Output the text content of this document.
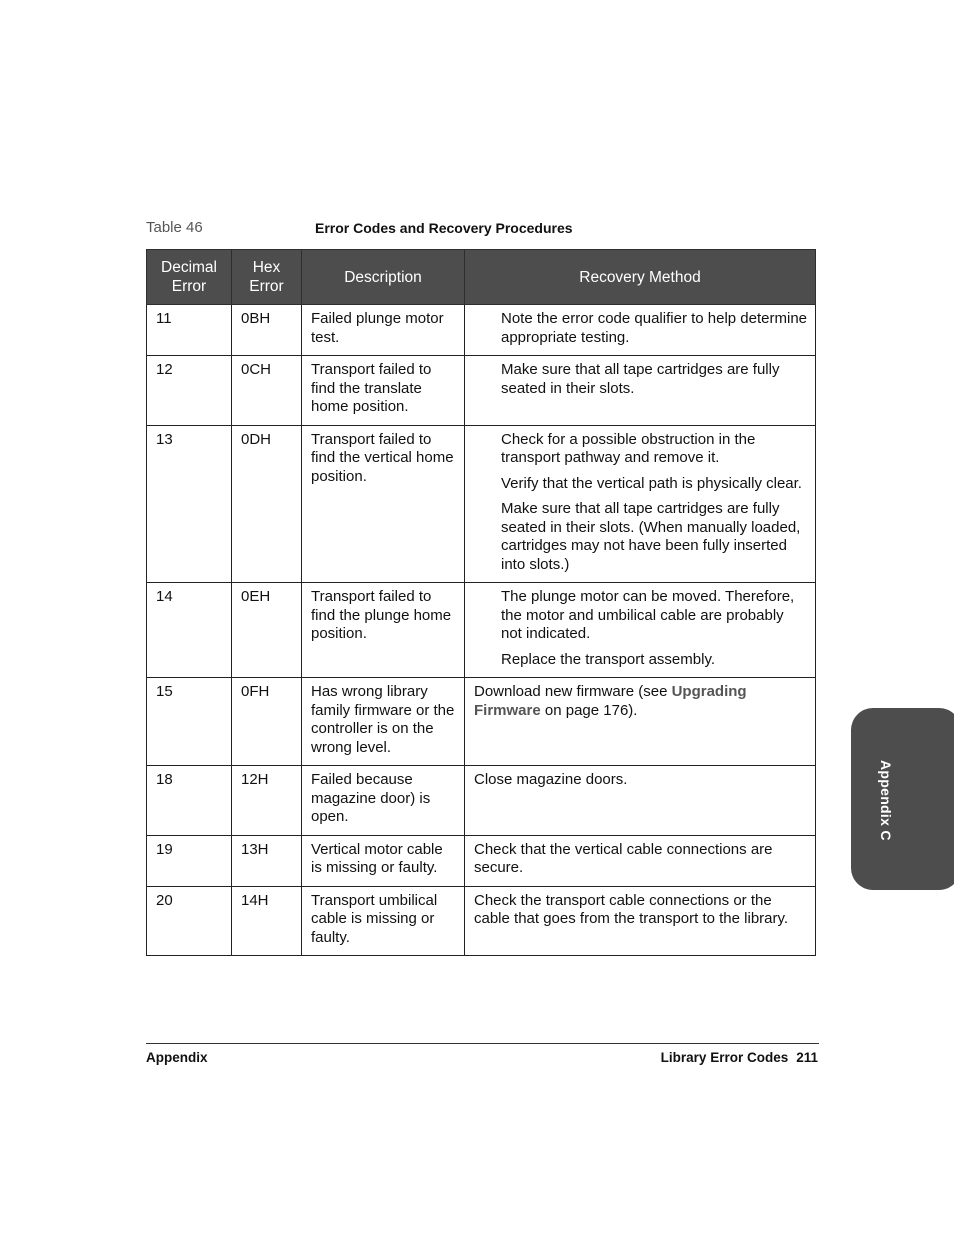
Table 46	Error Codes and Recovery Procedures
Decimal Error	Hex Error	Description	Recovery Method
11	0BH	Failed plunge motor test.	Note the error code qualifier to help determine appropriate testing.

12	0CH	Transport failed to find the translate home position.	Make sure that all tape cartridges are fully seated in their slots.

13	0DH	Transport failed to find the vertical home position.	Check for a possible obstruction in the transport pathway and remove it.

Verify that the vertical path is physically clear.

Make sure that all tape cartridges are fully seated in their slots. (When manually loaded, cartridges may not have been fully inserted into slots.)

14	0EH	Transport failed to find the plunge home position.	The plunge motor can be moved. Therefore, the motor and umbilical cable are probably not indicated.

Replace the transport assembly.

15	0FH	Has wrong library family firmware or the controller is on the wrong level.	Download new firmware (see Upgrading Firmware on page 176).

18	12H	Failed because magazine door) is open.	Close magazine doors.

19	13H	Vertical motor cable is missing or faulty.	Check that the vertical cable connections are secure.

20	14H	Transport umbilical cable is missing or faulty.	Check the transport cable connections or the cable that goes from the transport to the library.

Appendix	Library Error Codes 211
Appendix C
